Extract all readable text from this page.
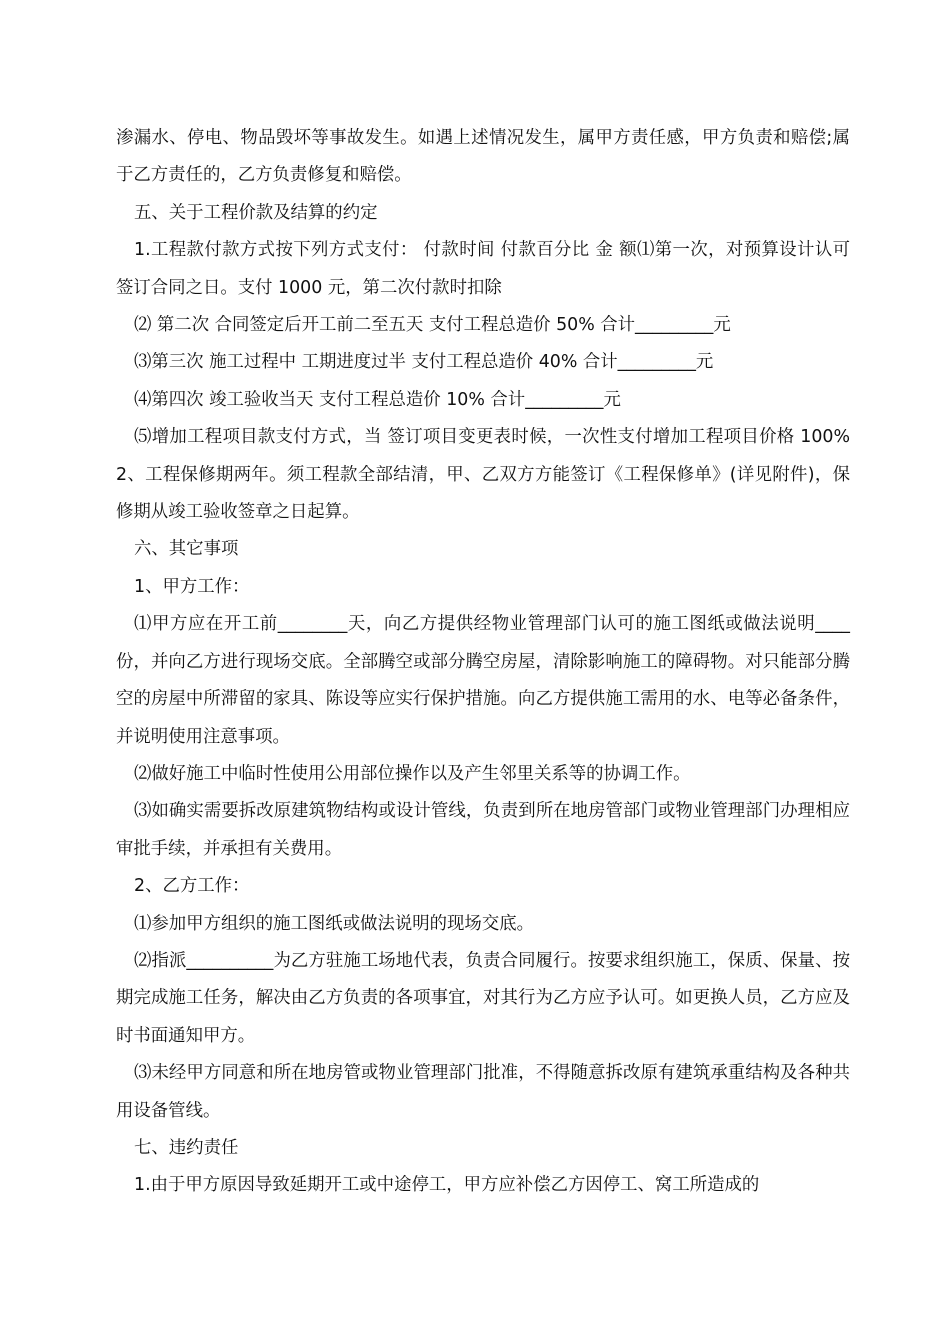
渗漏水、停电、物品毁坏等事故发生。如遇上述情况发生，属甲方责任感，甲方负责和赔偿;属于乙方责任的，乙方负责修复和赔偿。

五、关于工程价款及结算的约定

1.工程款付款方式按下列方式支付： 付款时间 付款百分比 金 额⑴第一次，对预算设计认可签订合同之日。支付 1000 元，第二次付款时扣除

⑵ 第二次 合同签定后开工前二至五天 支付工程总造价 50% 合计_________元

⑶第三次 施工过程中 工期进度过半 支付工程总造价 40% 合计_________元

⑷第四次 竣工验收当天 支付工程总造价 10% 合计_________元

⑸增加工程项目款支付方式，当 签订项目变更表时候，一次性支付增加工程项目价格 100%2、工程保修期两年。须工程款全部结清，甲、乙双方方能签订《工程保修单》(详见附件)，保修期从竣工验收签章之日起算。

六、其它事项

1、甲方工作：

⑴甲方应在开工前________天，向乙方提供经物业管理部门认可的施工图纸或做法说明____份，并向乙方进行现场交底。全部腾空或部分腾空房屋，清除影响施工的障碍物。对只能部分腾空的房屋中所滞留的家具、陈设等应实行保护措施。向乙方提供施工需用的水、电等必备条件，并说明使用注意事项。

⑵做好施工中临时性使用公用部位操作以及产生邻里关系等的协调工作。

⑶如确实需要拆改原建筑物结构或设计管线，负责到所在地房管部门或物业管理部门办理相应审批手续，并承担有关费用。

2、乙方工作：

⑴参加甲方组织的施工图纸或做法说明的现场交底。

⑵指派__________为乙方驻施工场地代表，负责合同履行。按要求组织施工，保质、保量、按期完成施工任务，解决由乙方负责的各项事宜，对其行为乙方应予认可。如更换人员，乙方应及时书面通知甲方。

⑶未经甲方同意和所在地房管或物业管理部门批准，不得随意拆改原有建筑承重结构及各种共用设备管线。

七、违约责任

1.由于甲方原因导致延期开工或中途停工，甲方应补偿乙方因停工、窝工所造成的
